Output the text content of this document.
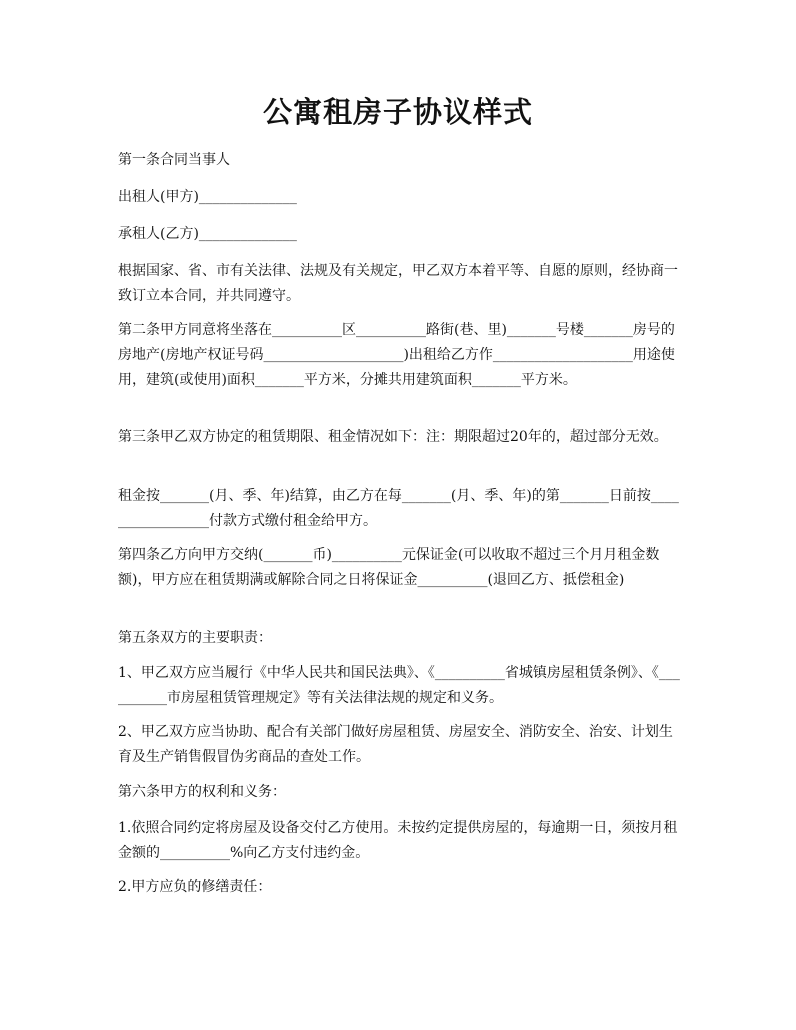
公寓租房子协议样式

第一条合同当事人

出租人(甲方)______________

承租人(乙方)______________

根据国家、省、市有关法律、法规及有关规定，甲乙双方本着平等、自愿的原则，经协商一致订立本合同，并共同遵守。

第二条甲方同意将坐落在__________区__________路街(巷、里)_______号楼_______房号的房地产(房地产权证号码____________________)出租给乙方作____________________用途使用，建筑(或使用)面积_______平方米，分摊共用建筑面积_______平方米。

第三条甲乙双方协定的租赁期限、租金情况如下：注：期限超过20年的，超过部分无效。

租金按_______(月、季、年)结算，由乙方在每_______(月、季、年)的第_______日前按_________________付款方式缴付租金给甲方。

第四条乙方向甲方交纳(_______币)__________元保证金(可以收取不超过三个月月租金数额)，甲方应在租赁期满或解除合同之日将保证金__________(退回乙方、抵偿租金)

第五条双方的主要职责：

1、甲乙双方应当履行《中华人民共和国民法典》、《__________省城镇房屋租赁条例》、《__________市房屋租赁管理规定》等有关法律法规的规定和义务。

2、甲乙双方应当协助、配合有关部门做好房屋租赁、房屋安全、消防安全、治安、计划生育及生产销售假冒伪劣商品的查处工作。

第六条甲方的权利和义务：

1.依照合同约定将房屋及设备交付乙方使用。未按约定提供房屋的，每逾期一日，须按月租金额的__________%向乙方支付违约金。

2.甲方应负的修缮责任：
